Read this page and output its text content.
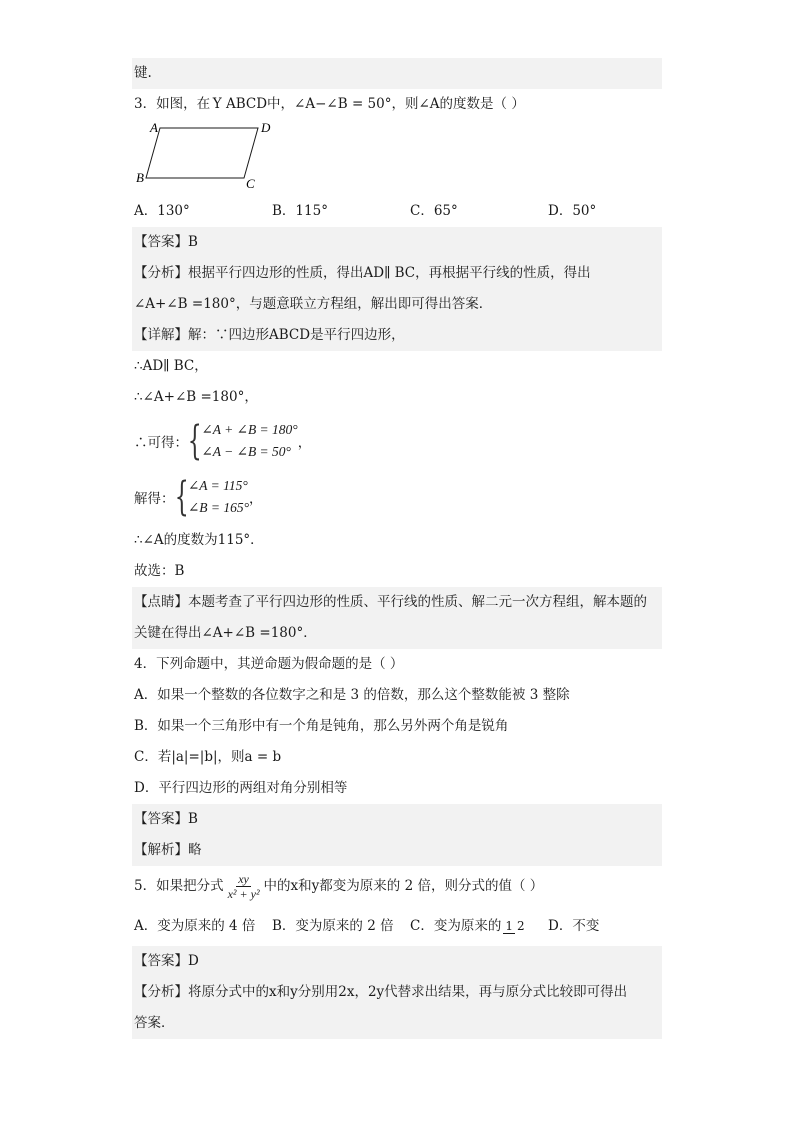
键.
3．如图，在 Y ABCD中，∠A−∠B = 50°，则∠A的度数是（ ）
A	D
B	C
A．130°	B．115°	C．65°	D．50°
【答案】B
【分析】根据平行四边形的性质，得出AD∥ BC，再根据平行线的性质，得出
∠A+∠B =180°，与题意联立方程组，解出即可得出答案．
【详解】解：∵四边形ABCD是平行四边形，
∴AD∥ BC，
∴∠A+∠B =180°，
∴可得： { ∠A + ∠B = 180°
∠A − ∠B = 50°
，
解得： { ∠A = 115°
∠B = 165°
，
∴∠A的度数为115°．
故选：B
【点睛】本题考查了平行四边形的性质、平行线的性质、解二元一次方程组，解本题的
关键在得出∠A+∠B =180°．
4．下列命题中，其逆命题为假命题的是（ ）
A．如果一个整数的各位数字之和是 3 的倍数，那么这个整数能被 3 整除
B．如果一个三角形中有一个角是钝角，那么另外两个角是锐角
C．若|a|=|b|，则a = b
D．平行四边形的两组对角分别相等
【答案】B
【解析】略
5．如果把分式 $\frac{xy}{\text{x² + y²}}$ 中的x和y都变为原来的 2 倍，则分式的值（ ）
A．变为原来的 4 倍	B．变为原来的 2 倍	C．变为原来的 1 2	D．不变
【答案】D
【分析】将原分式中的x和y分别用2x，2y代替求出结果，再与原分式比较即可得出
答案．
